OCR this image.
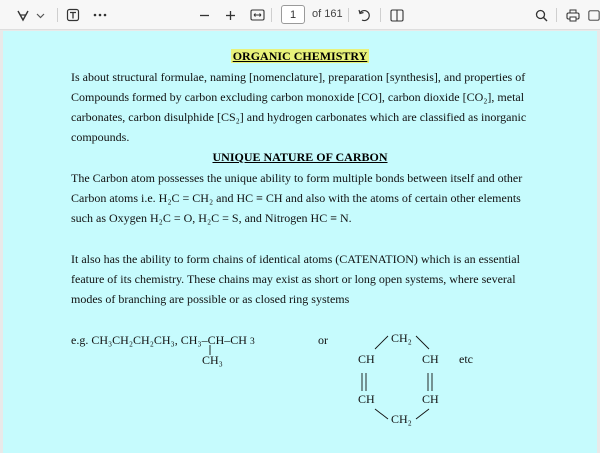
1 of 161
ORGANIC CHEMISTRY
Is about structural formulae, naming [nomenclature], preparation [synthesis], and properties of
Compounds formed by carbon excluding carbon monoxide [CO], carbon dioxide [CO₂], metal
carbonates, carbon disulphide [CS₂] and hydrogen carbonates which are classified as inorganic
compounds.
UNIQUE NATURE OF CARBON
The Carbon atom possesses the unique ability to form multiple bonds between itself and other
Carbon atoms i.e. H₂C = CH₂ and HC ≡ CH and also with the atoms of certain other elements
such as Oxygen H₂C = O, H₂C = S, and Nitrogen HC ≡ N.
It also has the ability to form chains of identical atoms (CATENATION) which is an essential
feature of its chemistry. These chains may exist as short or long open systems, where several
modes of branching are possible or as closed ring systems
e.g. CH₃CH₂CH₂CH₃, CH₃–CH–CH 3
CH₃
or	CH₂
CH	CH etc
CH	CH
CH₂
